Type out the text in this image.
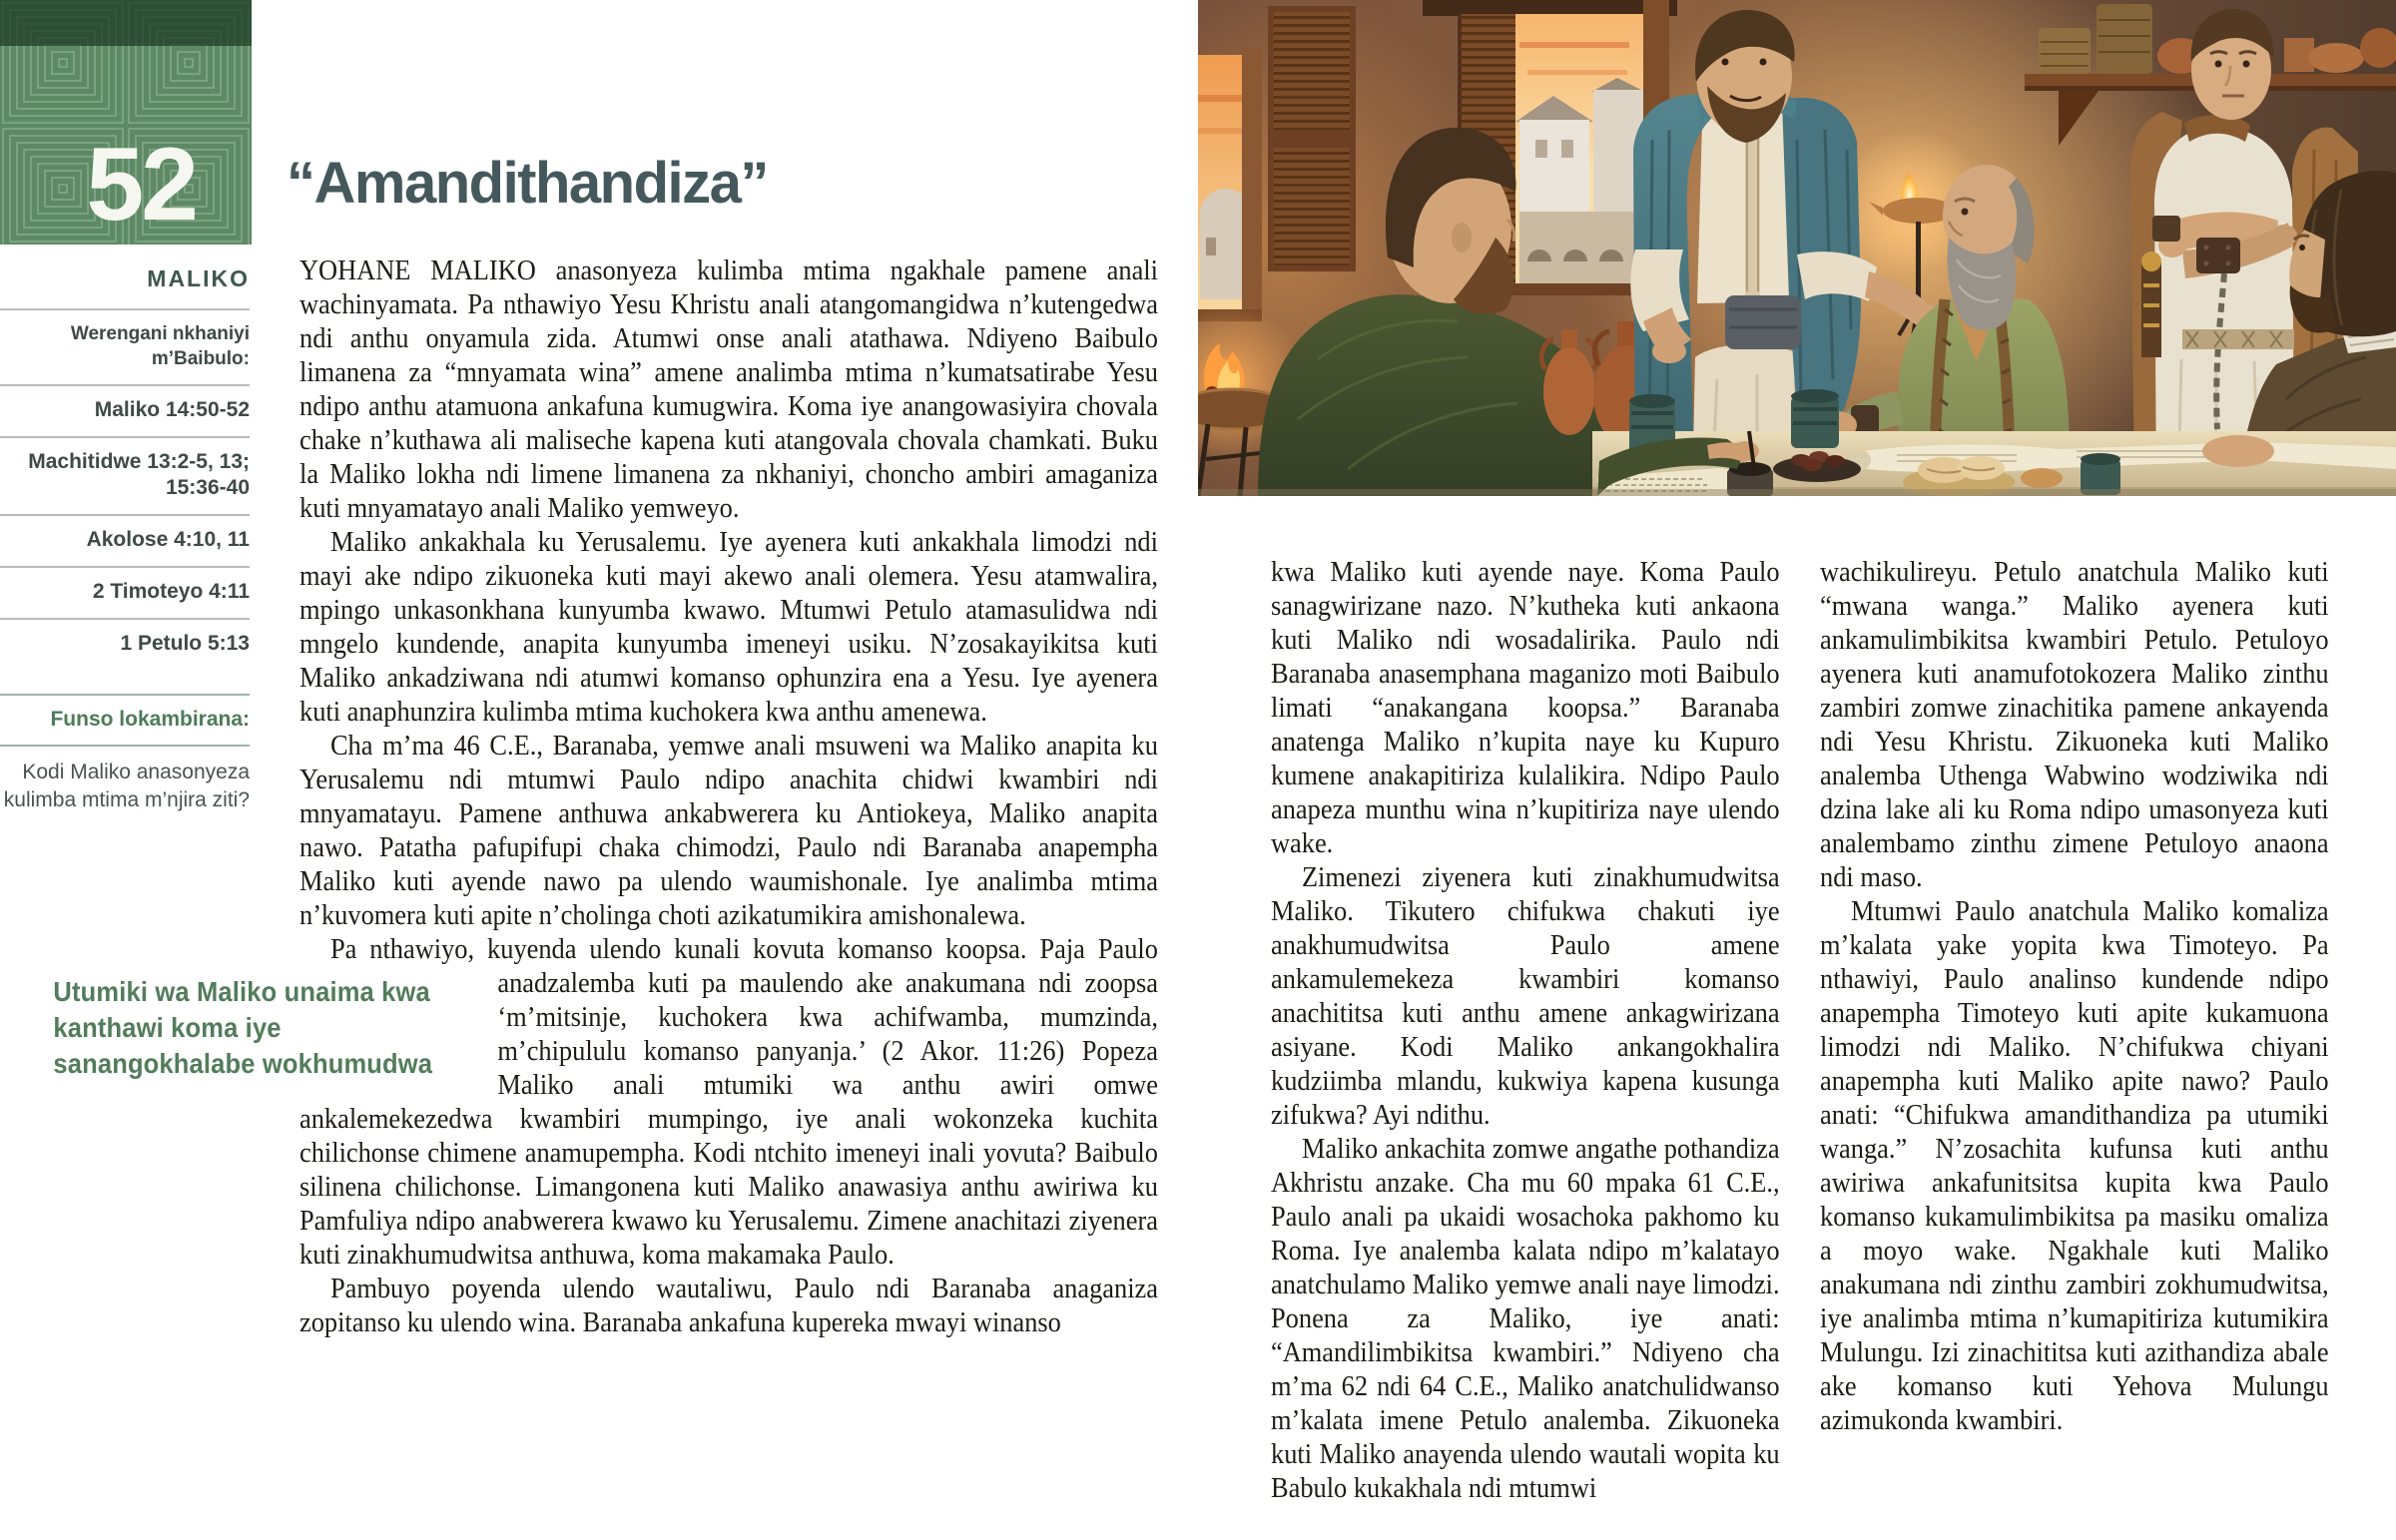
52
MALIKO
Werengani nkhaniyi m’Baibulo:
Maliko 14:50-52
Machitidwe 13:2-5, 13; 15:36-40
Akolose 4:10, 11
2 Timoteyo 4:11
1 Petulo 5:13
Funso lokambirana:
Kodi Maliko anasonyeza kulimba mtima m’njira ziti?
“Amandithandiza”

YOHANE MALIKO anasonyeza kulimba mtima ngakhale pamene anali wachinyamata. Pa nthawiyo Yesu Khristu anali atangomangidwa n’kutengedwa ndi anthu onyamula zida. Atumwi onse anali atathawa. Ndiyeno Baibulo limanena za “mnyamata wina” amene analimba mtima n’kumatsatirabe Yesu ndipo anthu atamuona ankafuna kumugwira. Koma iye anangowasiyira chovala chake n’kuthawa ali maliseche kapena kuti atangovala chovala chamkati. Buku la Maliko lokha ndi limene limanena za nkhaniyi, choncho ambiri amaganiza kuti mnyamatayo anali Maliko yemweyo.

Maliko ankakhala ku Yerusalemu. Iye ayenera kuti ankakhala limodzi ndi mayi ake ndipo zikuoneka kuti mayi akewo anali olemera. Yesu atamwalira, mpingo unkasonkhana kunyumba kwawo. Mtumwi Petulo atamasulidwa ndi mngelo kundende, anapita kunyumba imeneyi usiku. N’zosakayikitsa kuti Maliko ankadziwana ndi atumwi komanso ophunzira ena a Yesu. Iye ayenera kuti anaphunzira kulimba mtima kuchokera kwa anthu amenewa.

Cha m’ma 46 C.E., Baranaba, yemwe anali msuweni wa Maliko anapita ku Yerusalemu ndi mtumwi Paulo ndipo anachita chidwi kwambiri ndi mnyamatayu. Pamene anthuwa ankabwerera ku Antiokeya, Maliko anapita nawo. Patatha pafupifupi chaka chimodzi, Paulo ndi Baranaba anapempha Maliko kuti ayende nawo pa ulendo waumishonale. Iye analimba mtima n’kuvomera kuti apite n’cholinga choti azikatumikira amishonalewa.

Pa nthawiyo, kuyenda ulendo kunali kovuta komanso koopsa. Paja Paulo anadzalemba kuti pa maulendo ake anakumana ndi zoopsa
Utumiki wa Maliko unaima kwa kanthawi koma iye sanangokhalabe wokhumudwa
‘m’mitsinje, kuchokera kwa achifwamba, mumzinda, m’chipululu komanso panyanja.’ (2 Akor. 11:26) Popeza Maliko anali mtumiki wa anthu awiri omwe ankalemekezedwa kwambiri mumpingo, iye anali wokonzeka kuchita chilichonse chimene anamupempha. Kodi ntchito imeneyi inali yovuta? Baibulo silinena chilichonse. Limangonena kuti Maliko anawasiya anthu awiriwa ku Pamfuliya ndipo anabwerera kwawo ku Yerusalemu. Zimene anachitazi ziyenera kuti zinakhumudwitsa anthuwa, koma makamaka Paulo.

Pambuyo poyenda ulendo wautaliwu, Paulo ndi Baranaba anaganiza zopitanso ku ulendo wina. Baranaba ankafuna kupereka mwayi winanso

kwa Maliko kuti ayende naye. Koma Paulo sanagwirizane nazo. N’kutheka kuti ankaona kuti Maliko ndi wosadalirika. Paulo ndi Baranaba anasemphana maganizo moti Baibulo limati “anakangana koopsa.” Baranaba anatenga Maliko n’kupita naye ku Kupuro kumene anakapitiriza kulalikira. Ndipo Paulo anapeza munthu wina n’kupitiriza naye ulendo wake.

Zimenezi ziyenera kuti zinakhumudwitsa Maliko. Tikutero chifukwa chakuti iye anakhumudwitsa Paulo amene ankamulemekeza kwambiri komanso anachititsa kuti anthu amene ankagwirizana asiyane. Kodi Maliko ankangokhalira kudziimba mlandu, kukwiya kapena kusunga zifukwa? Ayi ndithu.

Maliko ankachita zomwe angathe pothandiza Akhristu anzake. Cha mu 60 mpaka 61 C.E., Paulo anali pa ukaidi wosachoka pakhomo ku Roma. Iye analemba kalata ndipo m’kalatayo anatchulamo Maliko yemwe anali naye limodzi. Ponena za Maliko, iye anati: “Amandilimbikitsa kwambiri.” Ndiyeno cha m’ma 62 ndi 64 C.E., Maliko anatchulidwanso m’kalata imene Petulo analemba. Zikuoneka kuti Maliko anayenda ulendo wautali wopita ku Babulo kukakhala ndi mtumwi

wachikulireyu. Petulo anatchula Maliko kuti “mwana wanga.” Maliko ayenera kuti ankamulimbikitsa kwambiri Petulo. Petuloyo ayenera kuti anamufotokozera Maliko zinthu zambiri zomwe zinachitika pamene ankayenda ndi Yesu Khristu. Zikuoneka kuti Maliko analemba Uthenga Wabwino wodziwika ndi dzina lake ali ku Roma ndipo umasonyeza kuti analembamo zinthu zimene Petuloyo anaona ndi maso.

Mtumwi Paulo anatchula Maliko komaliza m’kalata yake yopita kwa Timoteyo. Pa nthawiyi, Paulo analinso kundende ndipo anapempha Timoteyo kuti apite kukamuona limodzi ndi Maliko. N’chifukwa chiyani anapempha kuti Maliko apite nawo? Paulo anati: “Chifukwa amandithandiza pa utumiki wanga.” N’zosachita kufunsa kuti anthu awiriwa ankafunitsitsa kupita kwa Paulo komanso kukamulimbikitsa pa masiku omaliza a moyo wake. Ngakhale kuti Maliko anakumana ndi zinthu zambiri zokhumudwitsa, iye analimba mtima n’kumapitiriza kutumikira Mulungu. Izi zinachititsa kuti azithandiza abale ake komanso kuti Yehova Mulungu azimukonda kwambiri.
